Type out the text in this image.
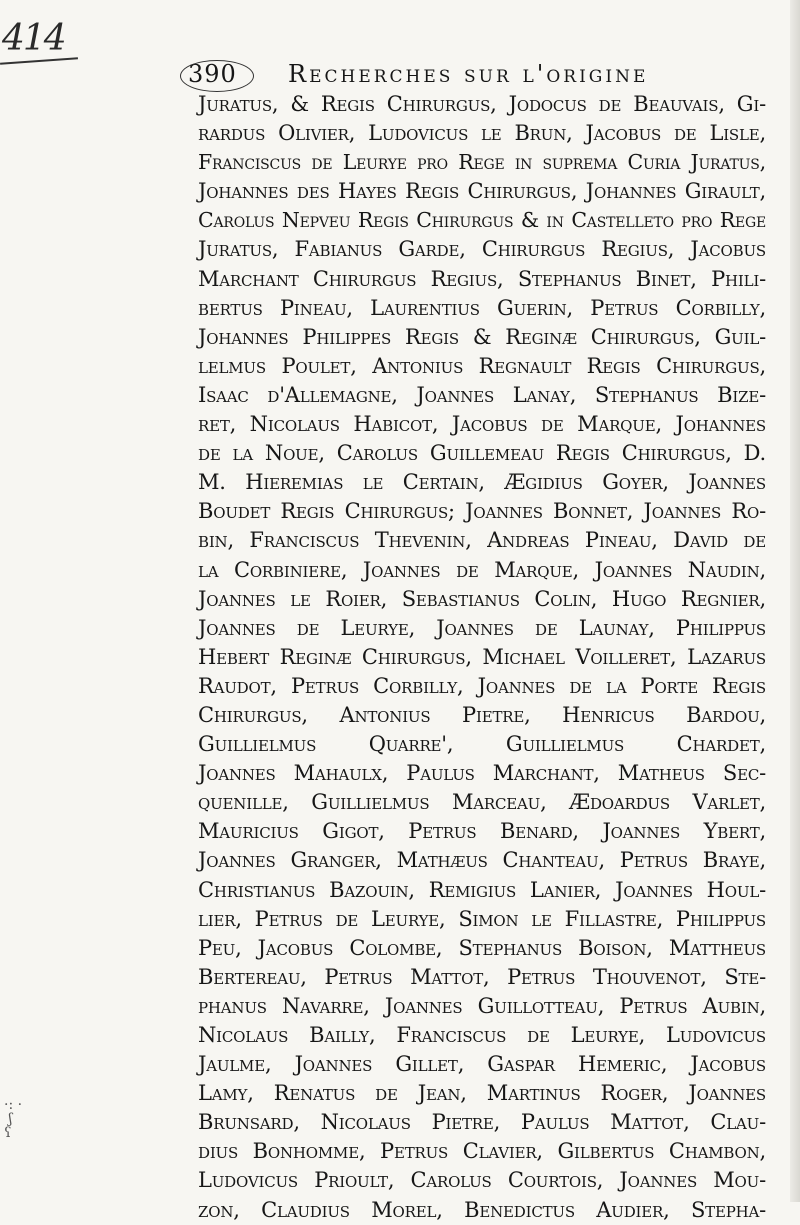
414
390 Recherches sur l'origine
Juratus, & Regis Chirurgus, Jodocus de Beauvais, Gi-
rardus Olivier, Ludovicus le Brun, Jacobus de Lisle,
Franciscus de Leurye pro Rege in ſuprema Curia Juratus,
Johannes des Hayes Regis Chirurgus, Johannes Girault,
Carolus Nepveu Regis Chirurgus & in Caſtelleto pro Rege
Juratus, Fabianus Garde, Chirurgus Regius, Jacobus
Marchant Chirurgus Regius, Stephanus Binet, Phili-
bertus Pineau, Laurentius Guerin, Petrus Corbilly,
Johannes Philippes Regis & Reginæ Chirurgus, Guil-
lelmus Poulet, Antonius Regnault Regis Chirurgus,
Isaac d'Allemagne, Joannes Lanay, Stephanus Bize-
ret, Nicolaus Habicot, Jacobus de Marque, Johannes
de la Noue, Carolus Guillemeau Regis Chirurgus, D.
M. Hieremias le Certain, Ægidius Goyer, Joannes
Boudet Regis Chirurgus; Joannes Bonnet, Joannes Ro-
bin, Franciscus Thevenin, Andreas Pineau, David de
la Corbiniere, Joannes de Marque, Joannes Naudin,
Joannes le Roier, Sebastianus Colin, Hugo Regnier,
Joannes de Leurye, Joannes de Launay, Philippus
Hebert Reginæ Chirurgus, Michael Voilleret, Lazarus
Raudot, Petrus Corbilly, Joannes de la Porte Regis
Chirurgus, Antonius Pietre, Henricus Bardou,
Guillielmus Quarre', Guillielmus Chardet,
Joannes Mahaulx, Paulus Marchant, Matheus Sec-
quenille, Guillielmus Marceau, Ædoardus Varlet,
Mauricius Gigot, Petrus Benard, Joannes Ybert,
Joannes Granger, Mathæus Chanteau, Petrus Braye,
Christianus Bazouin, Remigius Lanier, Joannes Houl-
lier, Petrus de Leurye, Simon le Fillastre, Philippus
Peu, Jacobus Colombe, Stephanus Boison, Mattheus
Bertereau, Petrus Mattot, Petrus Thouvenot, Ste-
phanus Navarre, Joannes Guillotteau, Petrus Aubin,
Nicolaus Bailly, Franciscus de Leurye, Ludovicus
Jaulme, Joannes Gillet, Gaspar Hemeric, Jacobus
Lamy, Renatus de Jean, Martinus Roger, Joannes
Brunsard, Nicolaus Pietre, Paulus Mattot, Clau-
dius Bonhomme, Petrus Clavier, Gilbertus Chambon,
Ludovicus Prioult, Carolus Courtois, Joannes Mou-
zon, Claudius Morel, Benedictus Audier, Stepha-
·: ·
ʃ
ʕ
